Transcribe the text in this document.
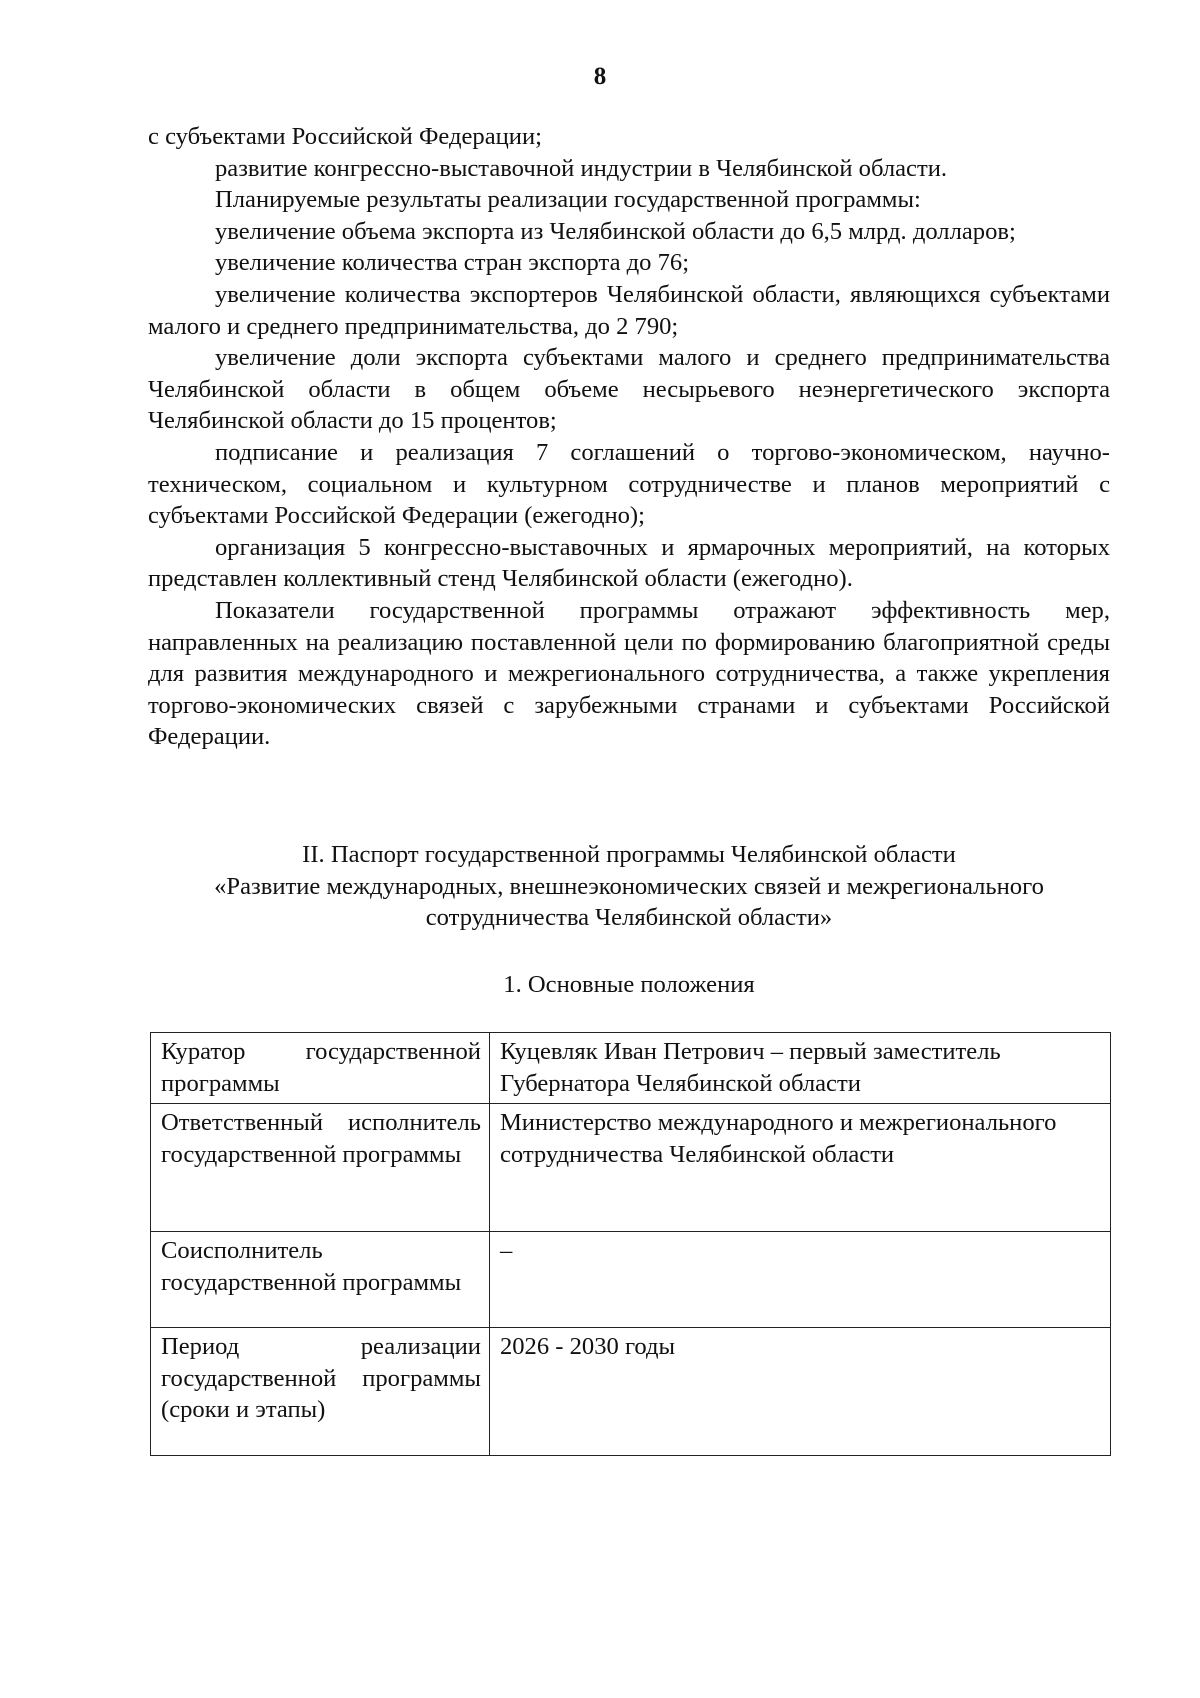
8

с субъектами Российской Федерации;

развитие конгрессно-выставочной индустрии в Челябинской области.

Планируемые результаты реализации государственной программы:

увеличение объема экспорта из Челябинской области до 6,5 млрд. долларов;

увеличение количества стран экспорта до 76;

увеличение количества экспортеров Челябинской области, являющихся субъектами малого и среднего предпринимательства, до 2 790;

увеличение доли экспорта субъектами малого и среднего предпринимательства Челябинской области в общем объеме несырьевого неэнергетического экспорта Челябинской области до 15 процентов;

подписание и реализация 7 соглашений о торгово-экономическом, научно-техническом, социальном и культурном сотрудничестве и планов мероприятий с субъектами Российской Федерации (ежегодно);

организация 5 конгрессно-выставочных и ярмарочных мероприятий, на которых представлен коллективный стенд Челябинской области (ежегодно).

Показатели государственной программы отражают эффективность мер, направленных на реализацию поставленной цели по формированию благоприятной среды для развития международного и межрегионального сотрудничества, а также укрепления торгово-экономических связей с зарубежными странами и субъектами Российской Федерации.

II. Паспорт государственной программы Челябинской области

«Развитие международных, внешнеэкономических связей и межрегионального

сотрудничества Челябинской области»

1. Основные положения
Куратор государственной программы	Куцевляк Иван Петрович – первый заместитель Губернатора Челябинской области
Ответственный исполнитель государственной программы	Министерство международного и межрегионального сотрудничества Челябинской области
Соисполнитель государственной программы	–
Период реализации государственной программы (сроки и этапы)	2026 - 2030 годы
